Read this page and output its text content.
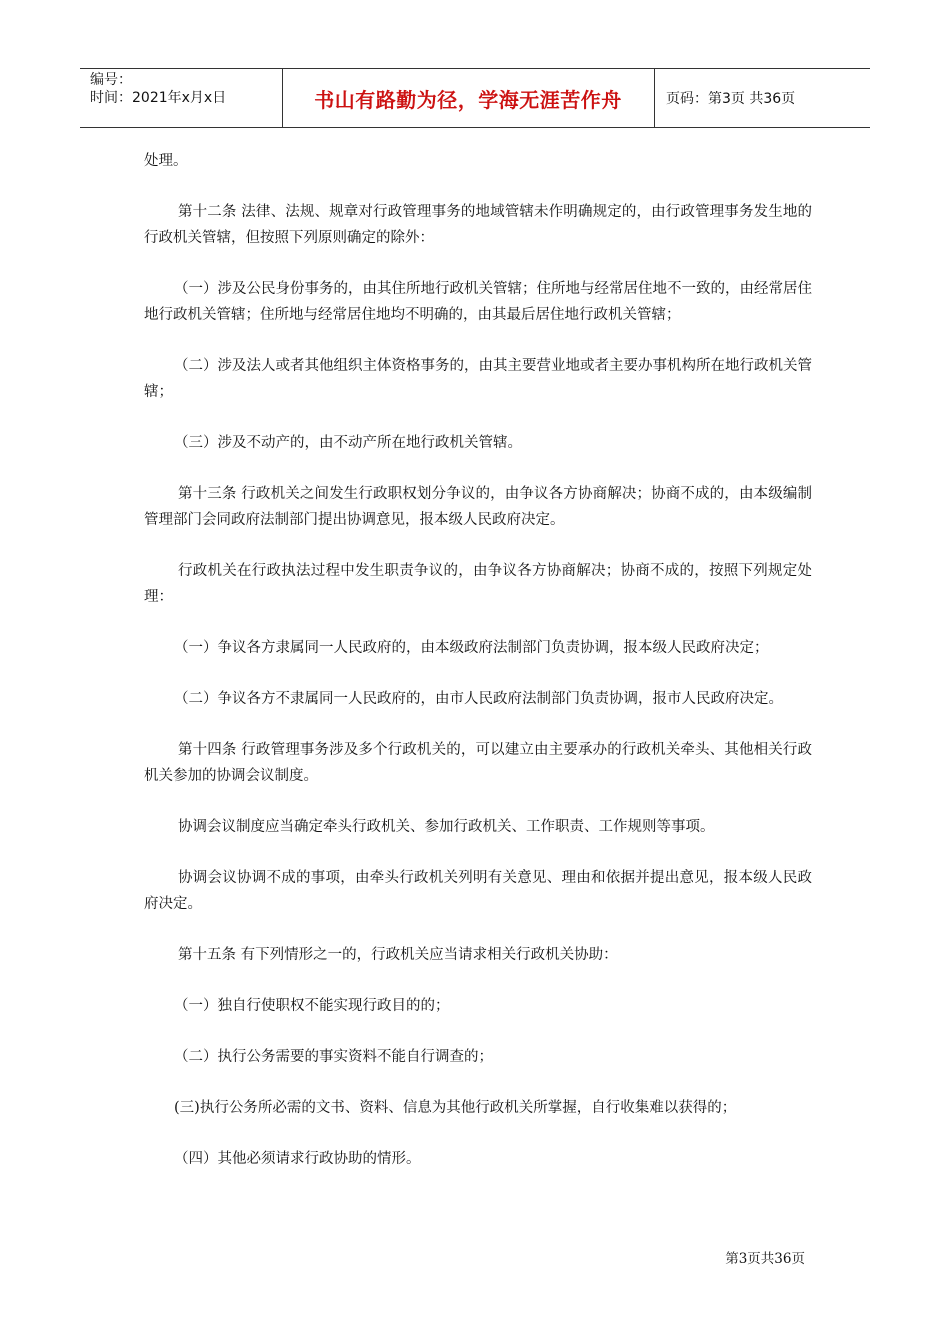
编号：
时间：2021年x月x日	书山有路勤为径，学海无涯苦作舟	页码：第3页 共36页

处理。

第十二条 法律、法规、规章对行政管理事务的地域管辖未作明确规定的，由行政管理事务发生地的行政机关管辖，但按照下列原则确定的除外：

（一）涉及公民身份事务的，由其住所地行政机关管辖；住所地与经常居住地不一致的，由经常居住地行政机关管辖；住所地与经常居住地均不明确的，由其最后居住地行政机关管辖；

（二）涉及法人或者其他组织主体资格事务的，由其主要营业地或者主要办事机构所在地行政机关管辖；

（三）涉及不动产的，由不动产所在地行政机关管辖。

第十三条 行政机关之间发生行政职权划分争议的，由争议各方协商解决；协商不成的，由本级编制管理部门会同政府法制部门提出协调意见，报本级人民政府决定。

行政机关在行政执法过程中发生职责争议的，由争议各方协商解决；协商不成的，按照下列规定处理：

（一）争议各方隶属同一人民政府的，由本级政府法制部门负责协调，报本级人民政府决定；

（二）争议各方不隶属同一人民政府的，由市人民政府法制部门负责协调，报市人民政府决定。

第十四条 行政管理事务涉及多个行政机关的，可以建立由主要承办的行政机关牵头、其他相关行政机关参加的协调会议制度。

协调会议制度应当确定牵头行政机关、参加行政机关、工作职责、工作规则等事项。

协调会议协调不成的事项，由牵头行政机关列明有关意见、理由和依据并提出意见，报本级人民政府决定。

第十五条 有下列情形之一的，行政机关应当请求相关行政机关协助：

（一）独自行使职权不能实现行政目的的；

（二）执行公务需要的事实资料不能自行调查的；

(三)执行公务所必需的文书、资料、信息为其他行政机关所掌握，自行收集难以获得的；

（四）其他必须请求行政协助的情形。

第3页共36页
